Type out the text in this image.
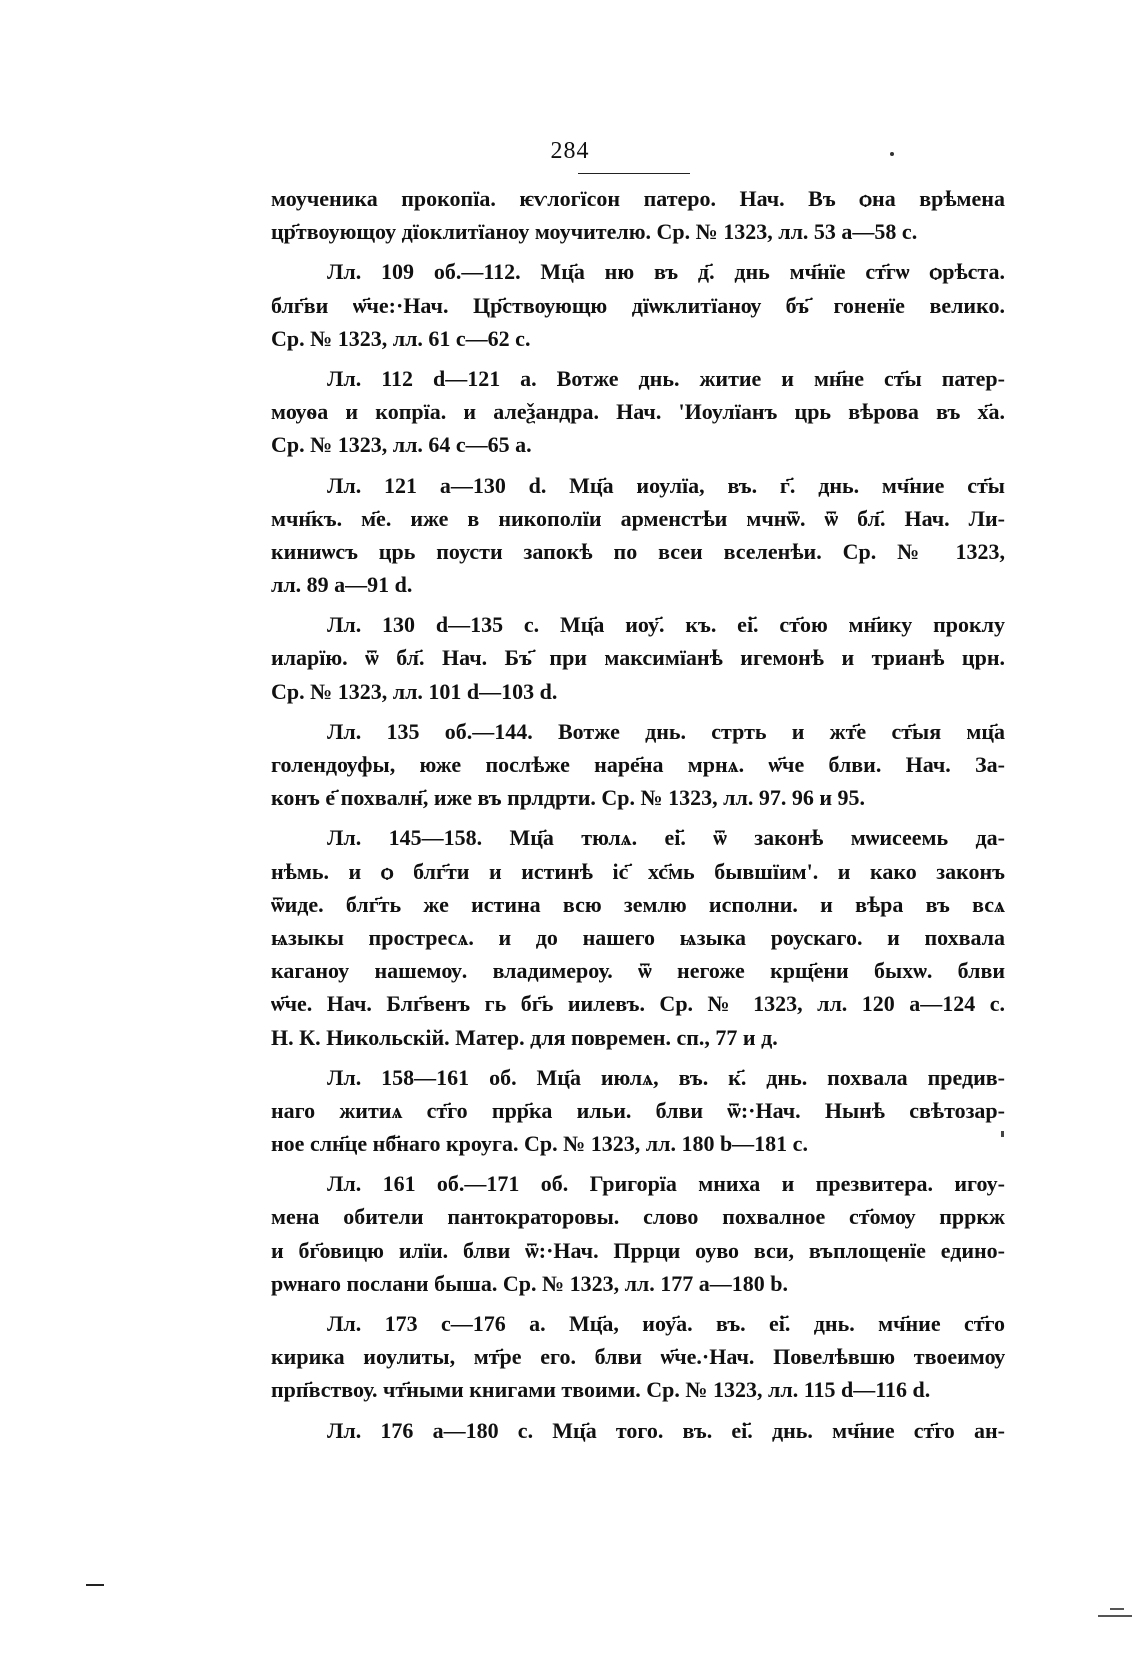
284
моученика прокопїа. ѥѵлогїсон патеро. Нач. Въ ѻна врѣмена
цр҃твоующоу дїоклитїаноу моучителю. Ср. № 1323, лл. 53 а—58 с.
Лл. 109 об.—112. Мц҃а ню въ д҃. днь мч҃нїе ст҃гѡ ѻрѣста.
блг҃ви ѡ҃че:·Нач. Цр҃ствѹющю дїѡклитїанѹ бъ҃ гоненїе велико.
Ср. № 1323, лл. 61 с—62 с.
Лл. 112 d—121 а. Вотже днь. житие и мн҃не ст҃ы патер-
мѹѳа и копрїа. и алеѯандра. Нач. 'Иоулїанъ црь вѣрова въ х҃а.
Ср. № 1323, лл. 64 с—65 а.
Лл. 121 а—130 d. Мц҃а иоулїа, въ. г҃. днь. мч҃ние ст҃ы
мчн҃къ. м҃е. иже в никополїи арменстѣи мчнѿ. ѿ бл҃. Нач. Ли-
киниѡсъ црь поусти запокѣ по всеи вселенѣи. Ср. № 1323,
лл. 89 а—91 d.
Лл. 130 d—135 с. Мц҃а иоу҃. къ. еі҃. ст҃ою мн҃ику проклу
иларїю. ѿ бл҃. Нач. Бъ҃ при максимїанѣ игемонѣ и трианѣ црн.
Ср. № 1323, лл. 101 d—103 d.
Лл. 135 об.—144. Вотже днь. стрть и жт҃е ст҃ыя мц҃а
голендѹфы, юже послѣже наре҃на мрнѧ. ѡ҃че блви. Нач. За-
конъ е҃ похвалн҃, иже въ прлдрти. Ср. № 1323, лл. 97. 96 и 95.
Лл. 145—158. Мц҃а тюлѧ. еі҃. ѿ законѣ мѡисеемь да-
нѣмь. и ѻ блг҃ти и истинѣ іс҃ хс҃мь бывшїим'. и како законъ
ѿиде. блг҃ть же истина всю землю исполни. и вѣра въ всѧ
ѩзыкы простресѧ. и до нашего ѩзыка роускаго. и похвала
каганоу нашемѹ. владимероу. ѿ негоже крщ҃ени быхѡ. блви
ѡ҃че. Нач. Блг҃венъ гь бг҃ь иилевъ. Ср. № 1323, лл. 120 а—124 с.
Н. К. Никольскій. Матер. для повремен. сп., 77 и д.
Лл. 158—161 об. Мц҃а июлѧ, въ. к҃. днь. похвала предив-
наго житиѧ ст҃го прр҃ка ильи. блви ѿ:·Нач. Нынѣ свѣтозар-
ное слн҃це нб҃наго кроуга. Ср. № 1323, лл. 180 b—181 с.
Лл. 161 об.—171 об. Григорїа мниха и презвитера. игоу-
мена обители пантократоровы. слово похвалное ст҃омѹ прркж
и бг҃овицю илїи. блви ѿ:·Нач. Пррци оуво вси, въплощенїе едино-
рѡнаго послани быша. Ср. № 1323, лл. 177 а—180 b.
Лл. 173 с—176 а. Мц҃а, иоу҃а. въ. еі҃. днь. мч҃ние ст҃го
кирика иоулиты, мт҃ре его. блви ѡ҃че.·Нач. Повелѣвшю твоеимѹ
прп҃вствоу. чт҃ными книгами твоими. Ср. № 1323, лл. 115 d—116 d.
Лл. 176 а—180 с. Мц҃а того. въ. еі҃. днь. мч҃ние ст҃го ан-
